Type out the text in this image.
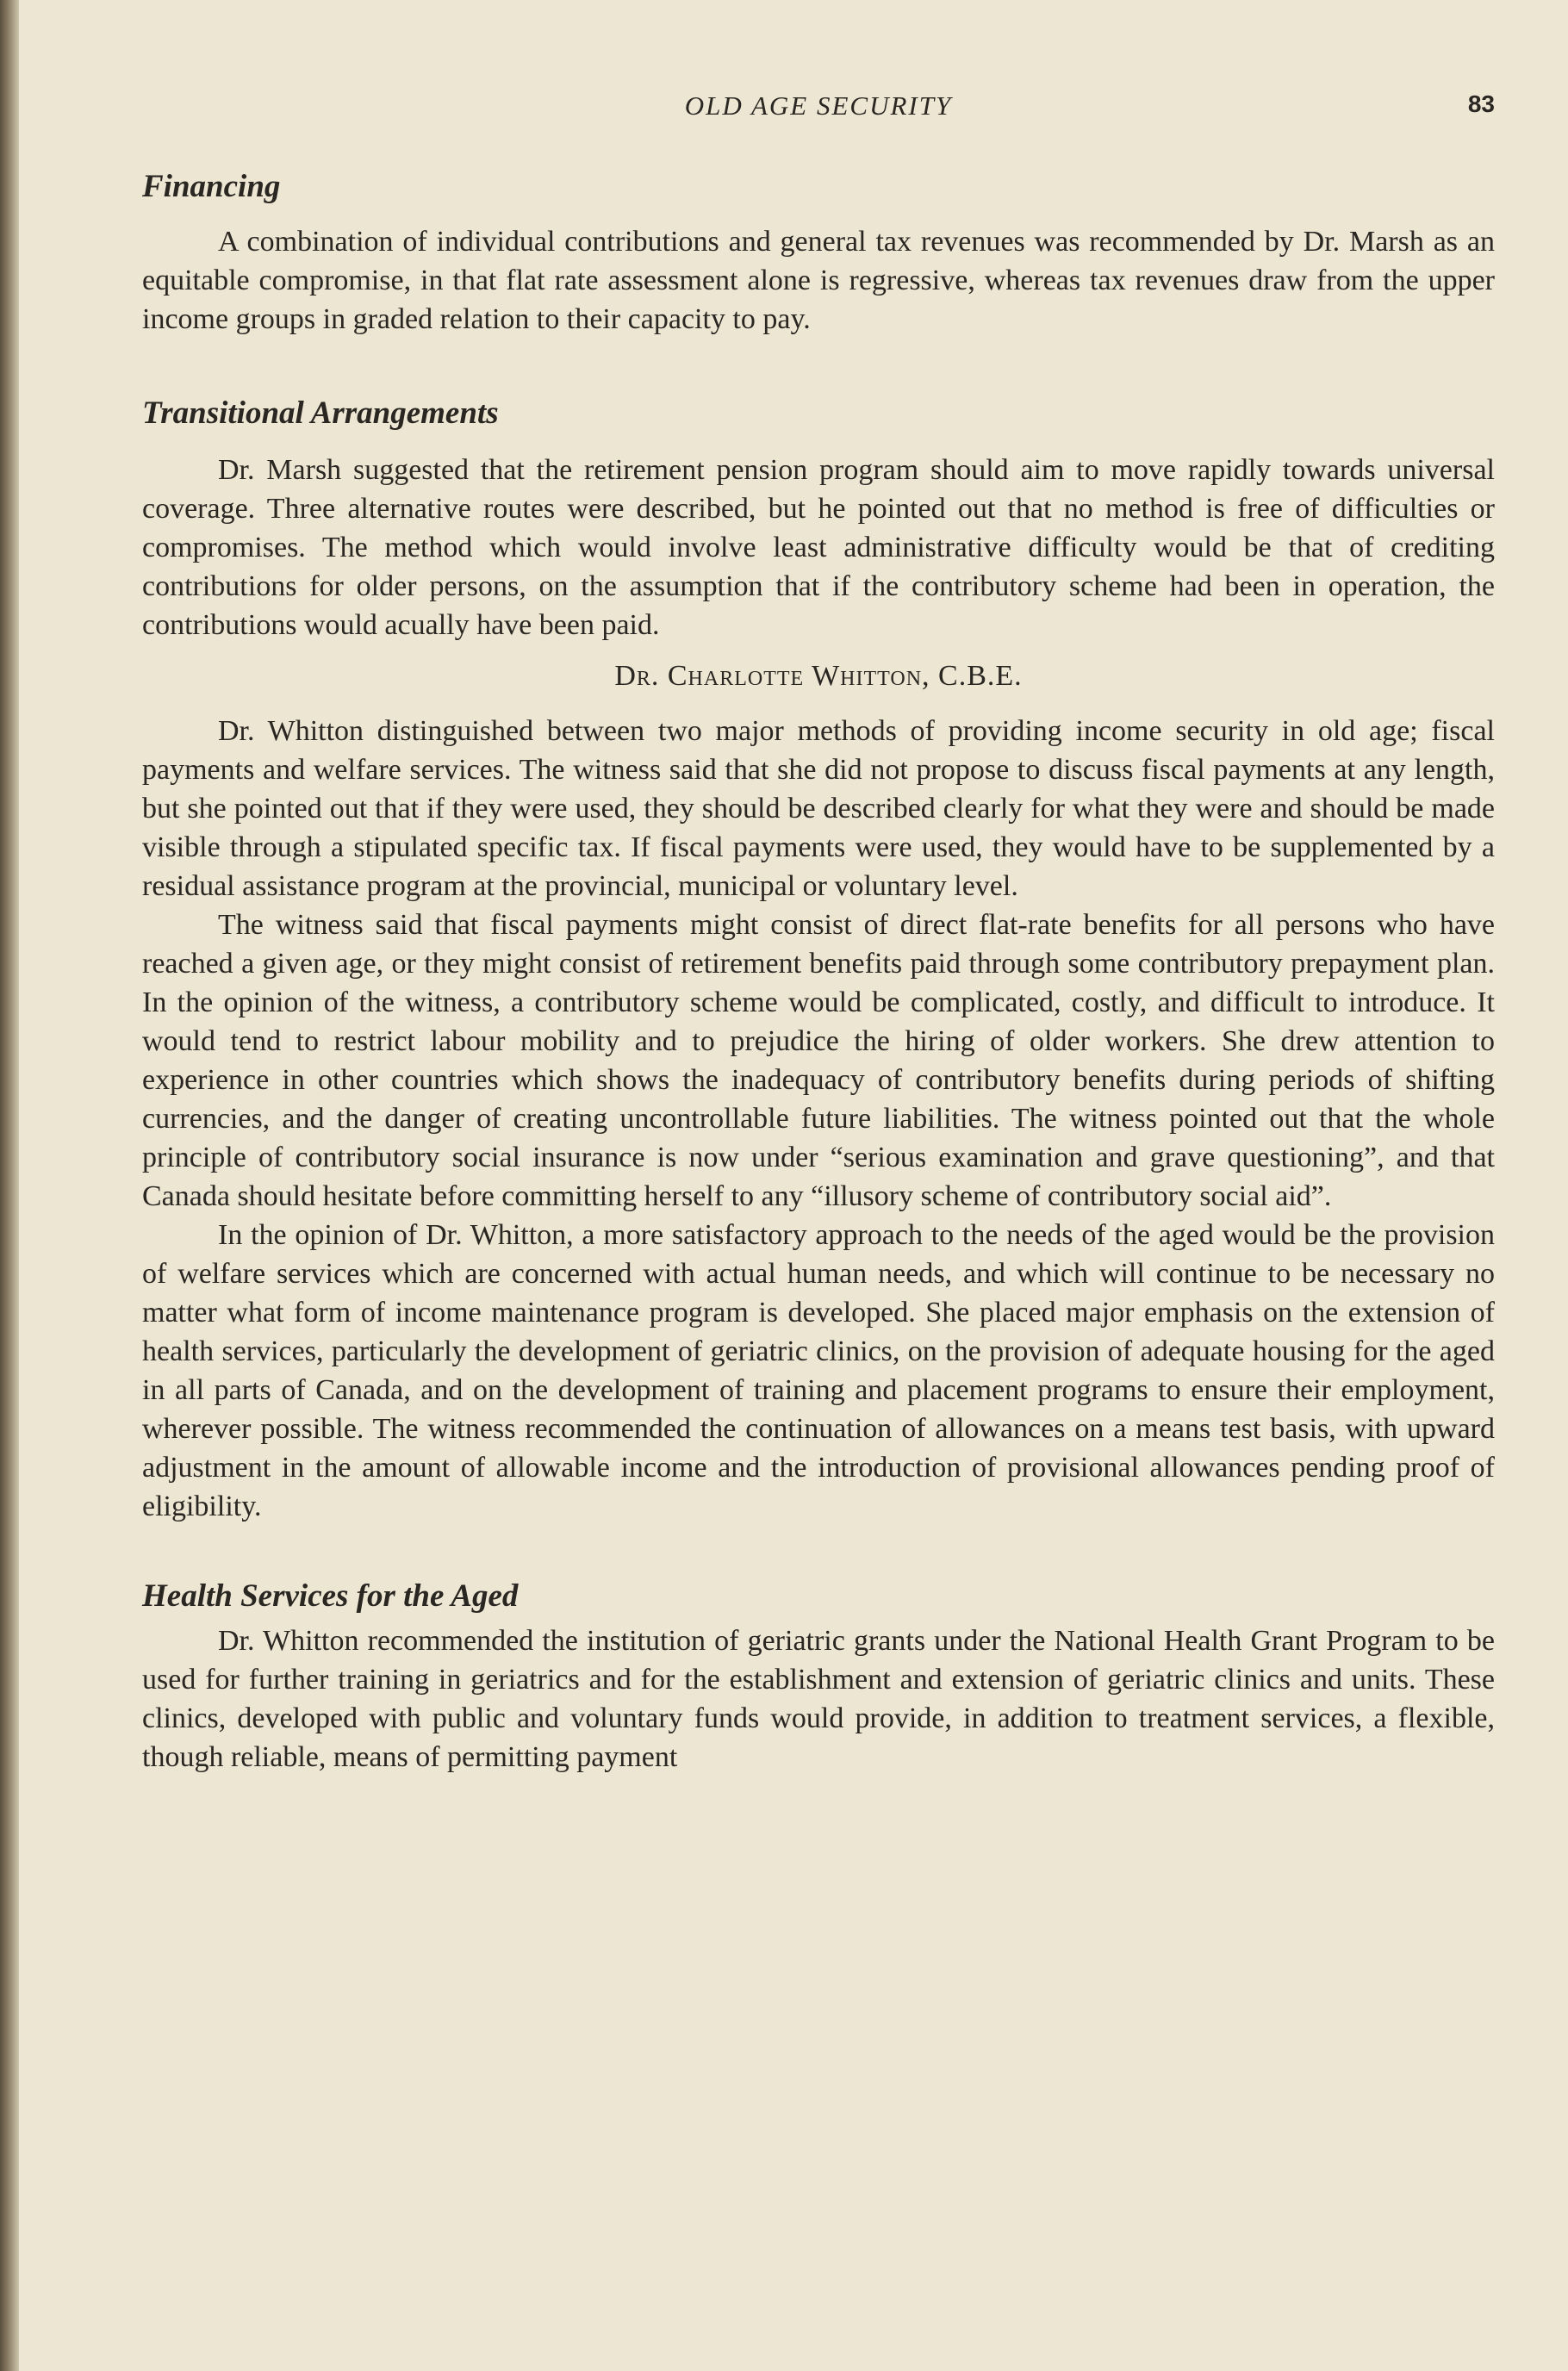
OLD AGE SECURITY	83
Financing

A combination of individual contributions and general tax revenues was recommended by Dr. Marsh as an equitable compromise, in that flat rate assessment alone is regressive, whereas tax revenues draw from the upper income groups in graded relation to their capacity to pay.

Transitional Arrangements

Dr. Marsh suggested that the retirement pension program should aim to move rapidly towards universal coverage. Three alternative routes were described, but he pointed out that no method is free of difficulties or compromises. The method which would involve least administrative difficulty would be that of crediting contributions for older persons, on the assumption that if the contributory scheme had been in operation, the contributions would acually have been paid.

Dr. Charlotte Whitton, C.B.E.

Dr. Whitton distinguished between two major methods of providing income security in old age; fiscal payments and welfare services. The witness said that she did not propose to discuss fiscal payments at any length, but she pointed out that if they were used, they should be described clearly for what they were and should be made visible through a stipulated specific tax. If fiscal payments were used, they would have to be supplemented by a residual assistance program at the provincial, municipal or voluntary level.

The witness said that fiscal payments might consist of direct flat-rate benefits for all persons who have reached a given age, or they might consist of retirement benefits paid through some contributory prepayment plan. In the opinion of the witness, a contributory scheme would be complicated, costly, and difficult to introduce. It would tend to restrict labour mobility and to prejudice the hiring of older workers. She drew attention to experience in other countries which shows the inadequacy of contributory benefits during periods of shifting currencies, and the danger of creating uncontrollable future liabilities. The witness pointed out that the whole principle of contributory social insurance is now under “serious examination and grave questioning”, and that Canada should hesitate before committing herself to any “illusory scheme of contributory social aid”.

In the opinion of Dr. Whitton, a more satisfactory approach to the needs of the aged would be the provision of welfare services which are concerned with actual human needs, and which will continue to be necessary no matter what form of income maintenance program is developed. She placed major emphasis on the extension of health services, particularly the development of geriatric clinics, on the provision of adequate housing for the aged in all parts of Canada, and on the development of training and placement programs to ensure their employment, wherever possible. The witness recommended the continuation of allowances on a means test basis, with upward adjustment in the amount of allowable income and the introduction of provisional allowances pending proof of eligibility.

Health Services for the Aged

Dr. Whitton recommended the institution of geriatric grants under the National Health Grant Program to be used for further training in geriatrics and for the establishment and extension of geriatric clinics and units. These clinics, developed with public and voluntary funds would provide, in addition to treatment services, a flexible, though reliable, means of permitting payment
